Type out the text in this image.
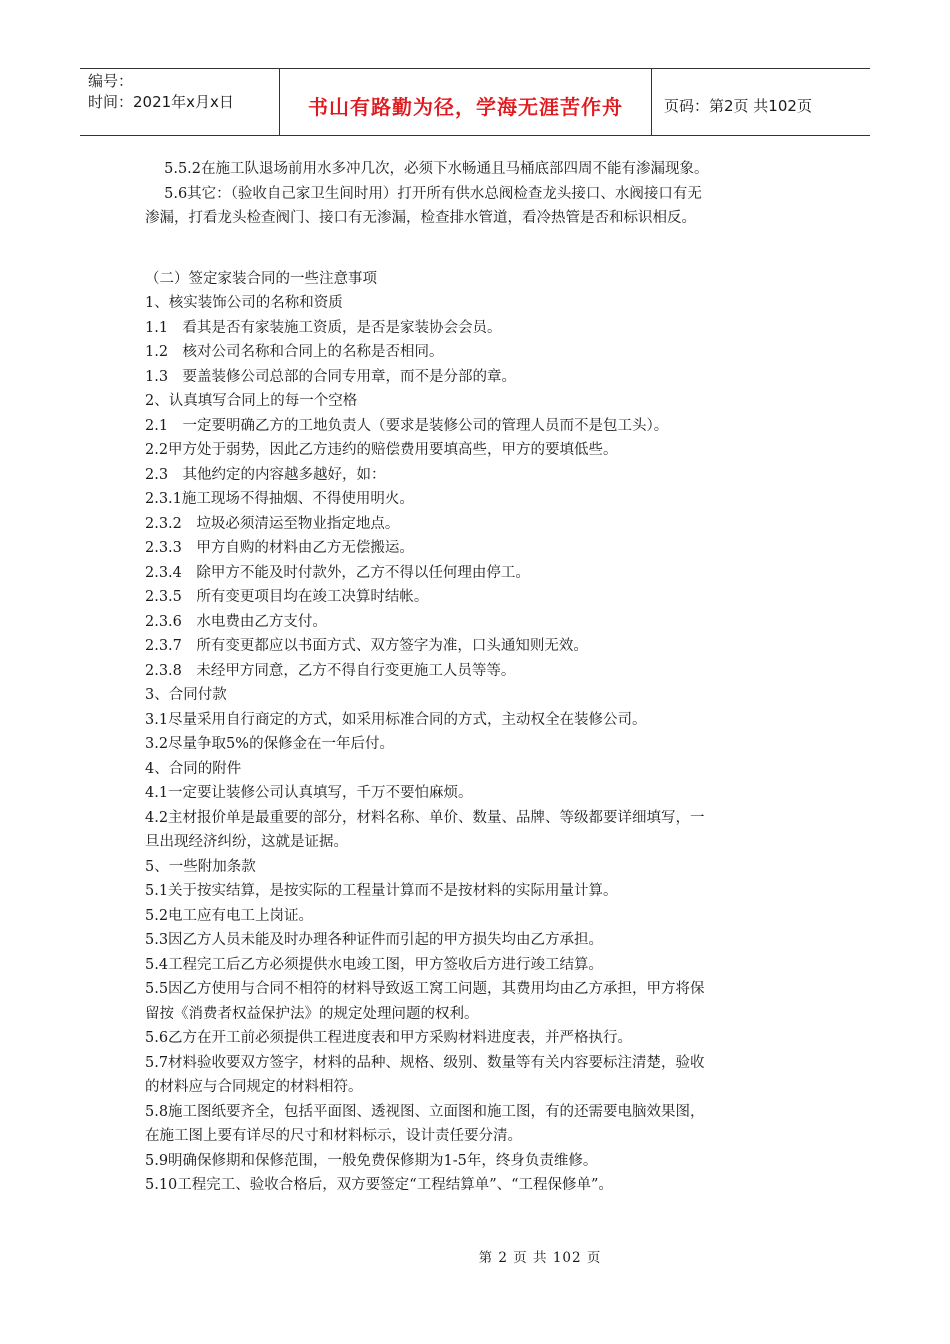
编号：
时间：2021年x月x日	书山有路勤为径，学海无涯苦作舟	页码：第2页 共102页
　 5.5.2在施工队退场前用水多冲几次，必须下水畅通且马桶底部四周不能有渗漏现象。
　 5.6其它：（验收自己家卫生间时用）打开所有供水总阀检查龙头接口、水阀接口有无
渗漏，打看龙头检查阀门、接口有无渗漏，检查排水管道，看冷热管是否和标识相反。
（二）签定家装合同的一些注意事项
1、核实装饰公司的名称和资质
1.1　看其是否有家装施工资质，是否是家装协会会员。
1.2　核对公司名称和合同上的名称是否相同。
1.3　要盖装修公司总部的合同专用章，而不是分部的章。
2、认真填写合同上的每一个空格
2.1　一定要明确乙方的工地负责人（要求是装修公司的管理人员而不是包工头）。
2.2甲方处于弱势，因此乙方违约的赔偿费用要填高些，甲方的要填低些。
2.3　其他约定的内容越多越好，如：
2.3.1施工现场不得抽烟、不得使用明火。
2.3.2　垃圾必须清运至物业指定地点。
2.3.3　甲方自购的材料由乙方无偿搬运。
2.3.4　除甲方不能及时付款外，乙方不得以任何理由停工。
2.3.5　所有变更项目均在竣工决算时结帐。
2.3.6　水电费由乙方支付。
2.3.7　所有变更都应以书面方式、双方签字为准，口头通知则无效。
2.3.8　未经甲方同意，乙方不得自行变更施工人员等等。
3、合同付款
3.1尽量采用自行商定的方式，如采用标准合同的方式，主动权全在装修公司。
3.2尽量争取5%的保修金在一年后付。
4、合同的附件
4.1一定要让装修公司认真填写，千万不要怕麻烦。
4.2主材报价单是最重要的部分，材料名称、单价、数量、品牌、等级都要详细填写，一
旦出现经济纠纷，这就是证据。
5、一些附加条款
5.1关于按实结算，是按实际的工程量计算而不是按材料的实际用量计算。
5.2电工应有电工上岗证。
5.3因乙方人员未能及时办理各种证件而引起的甲方损失均由乙方承担。
5.4工程完工后乙方必须提供水电竣工图，甲方签收后方进行竣工结算。
5.5因乙方使用与合同不相符的材料导致返工窝工问题，其费用均由乙方承担，甲方将保
留按《消费者权益保护法》的规定处理问题的权利。
5.6乙方在开工前必须提供工程进度表和甲方采购材料进度表，并严格执行。
5.7材料验收要双方签字，材料的品种、规格、级别、数量等有关内容要标注清楚，验收
的材料应与合同规定的材料相符。
5.8施工图纸要齐全，包括平面图、透视图、立面图和施工图，有的还需要电脑效果图，
在施工图上要有详尽的尺寸和材料标示，设计责任要分清。
5.9明确保修期和保修范围，一般免费保修期为1-5年，终身负责维修。
5.10工程完工、验收合格后，双方要签定“工程结算单”、“工程保修单”。
第 2 页 共 102 页
